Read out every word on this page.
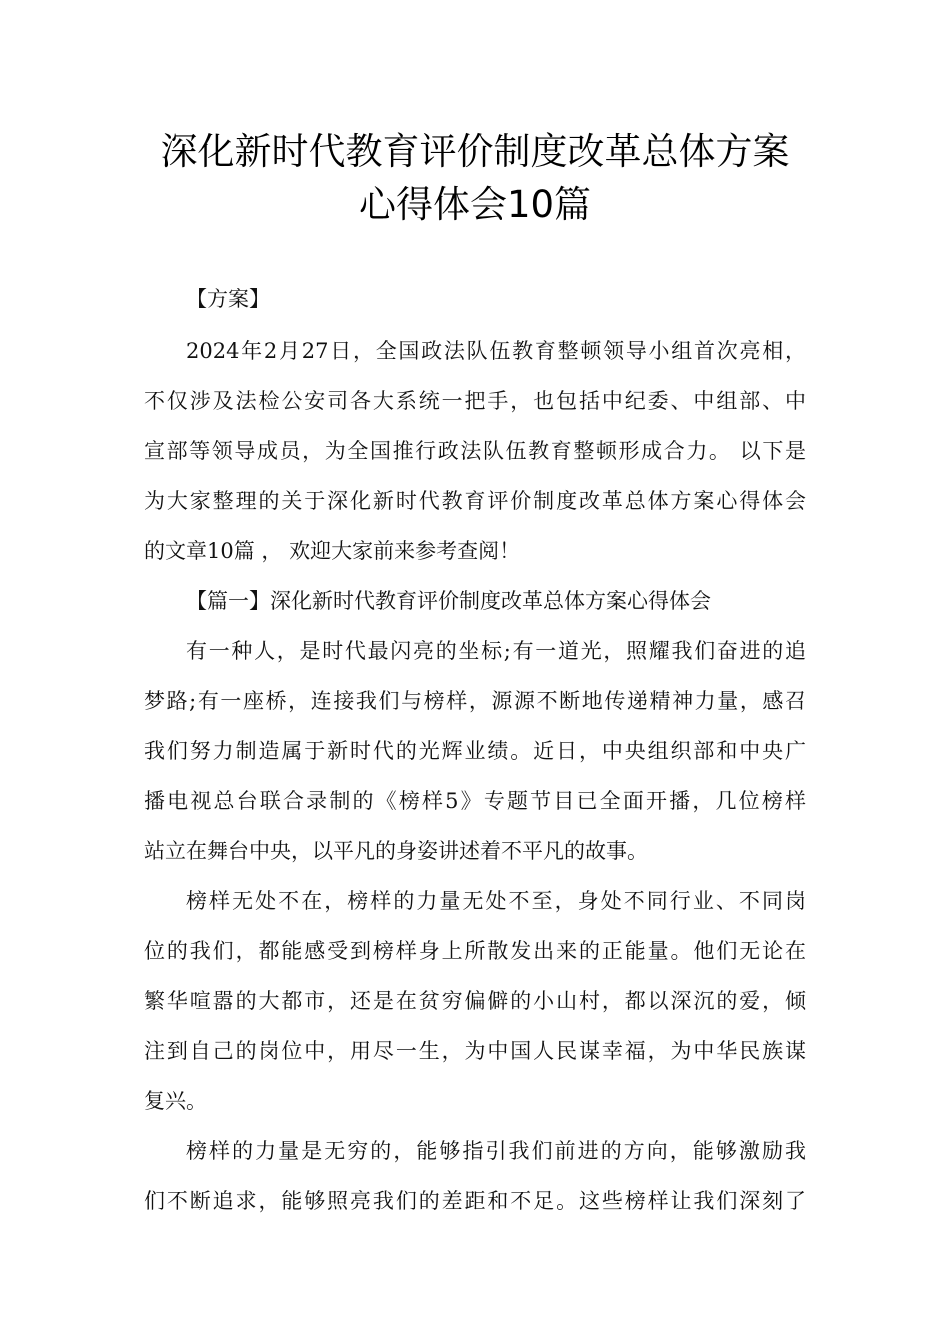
深化新时代教育评价制度改革总体方案
心得体会10篇
【方案】
2024年2月27日，全国政法队伍教育整顿领导小组首次亮相，
不仅涉及法检公安司各大系统一把手，也包括中纪委、中组部、中
宣部等领导成员，为全国推行政法队伍教育整顿形成合力。 以下是
为大家整理的关于深化新时代教育评价制度改革总体方案心得体会
的文章10篇 ， 欢迎大家前来参考查阅！
【篇一】深化新时代教育评价制度改革总体方案心得体会
有一种人，是时代最闪亮的坐标;有一道光，照耀我们奋进的追
梦路;有一座桥，连接我们与榜样，源源不断地传递精神力量，感召
我们努力制造属于新时代的光辉业绩。近日，中央组织部和中央广
播电视总台联合录制的《榜样5》专题节目已全面开播，几位榜样
站立在舞台中央，以平凡的身姿讲述着不平凡的故事。
榜样无处不在，榜样的力量无处不至，身处不同行业、不同岗
位的我们，都能感受到榜样身上所散发出来的正能量。他们无论在
繁华喧嚣的大都市，还是在贫穷偏僻的小山村，都以深沉的爱，倾
注到自己的岗位中，用尽一生，为中国人民谋幸福，为中华民族谋
复兴。
榜样的力量是无穷的，能够指引我们前进的方向，能够激励我
们不断追求，能够照亮我们的差距和不足。这些榜样让我们深刻了
